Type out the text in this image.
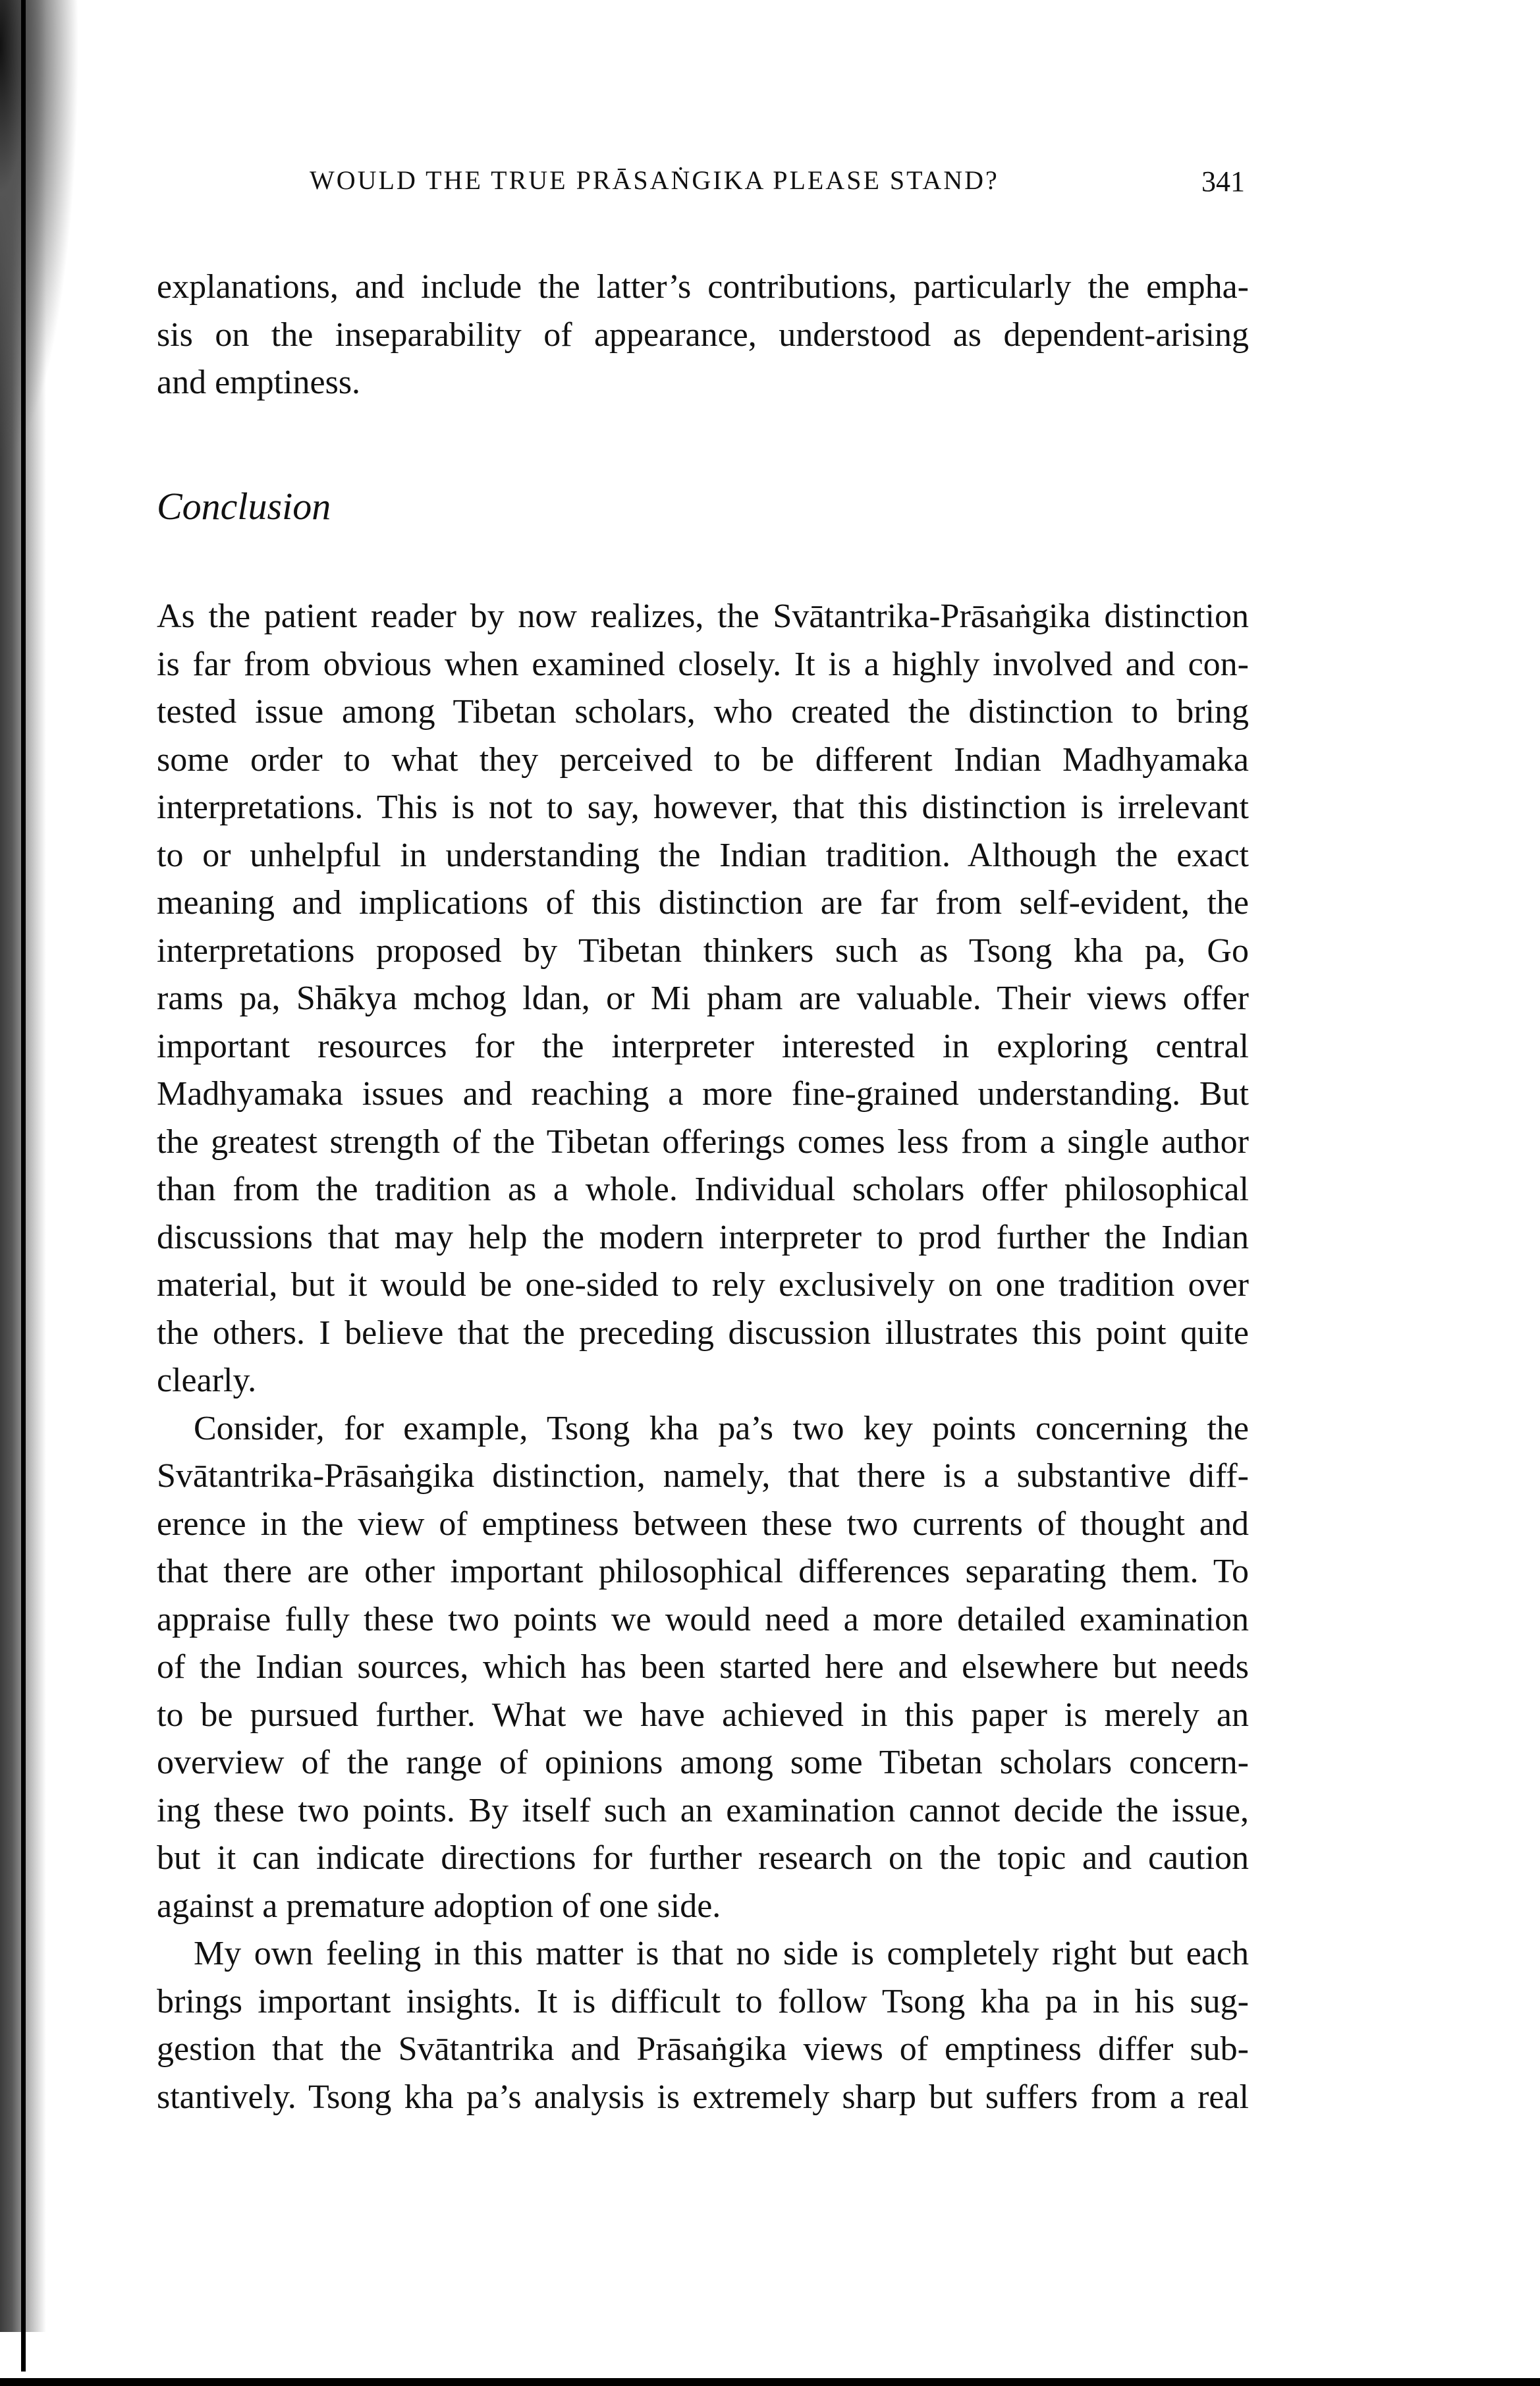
WOULD THE TRUE PRĀSAṄGIKA PLEASE STAND?	341
explanations, and include the latter’s contributions, particularly the empha-
sis on the inseparability of appearance, understood as dependent-arising
and emptiness.
Conclusion
As the patient reader by now realizes, the Svātantrika-Prāsaṅgika distinction
is far from obvious when examined closely. It is a highly involved and con-
tested issue among Tibetan scholars, who created the distinction to bring
some order to what they perceived to be different Indian Madhyamaka
interpretations. This is not to say, however, that this distinction is irrelevant
to or unhelpful in understanding the Indian tradition. Although the exact
meaning and implications of this distinction are far from self-evident, the
interpretations proposed by Tibetan thinkers such as Tsong kha pa, Go
rams pa, Shākya mchog ldan, or Mi pham are valuable. Their views offer
important resources for the interpreter interested in exploring central
Madhyamaka issues and reaching a more fine-grained understanding. But
the greatest strength of the Tibetan offerings comes less from a single author
than from the tradition as a whole. Individual scholars offer philosophical
discussions that may help the modern interpreter to prod further the Indian
material, but it would be one-sided to rely exclusively on one tradition over
the others. I believe that the preceding discussion illustrates this point quite
clearly.
Consider, for example, Tsong kha pa’s two key points concerning the
Svātantrika-Prāsaṅgika distinction, namely, that there is a substantive diff-
erence in the view of emptiness between these two currents of thought and
that there are other important philosophical differences separating them. To
appraise fully these two points we would need a more detailed examination
of the Indian sources, which has been started here and elsewhere but needs
to be pursued further. What we have achieved in this paper is merely an
overview of the range of opinions among some Tibetan scholars concern-
ing these two points. By itself such an examination cannot decide the issue,
but it can indicate directions for further research on the topic and caution
against a premature adoption of one side.
My own feeling in this matter is that no side is completely right but each
brings important insights. It is difficult to follow Tsong kha pa in his sug-
gestion that the Svātantrika and Prāsaṅgika views of emptiness differ sub-
stantively. Tsong kha pa’s analysis is extremely sharp but suffers from a real
